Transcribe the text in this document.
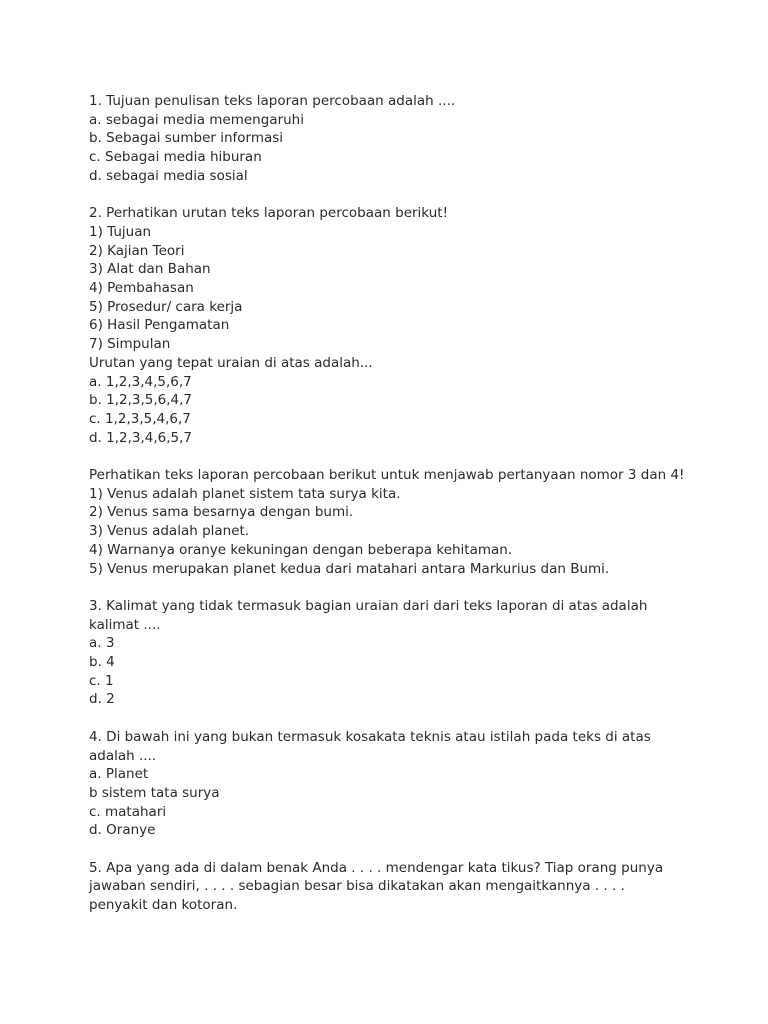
1. Tujuan penulisan teks laporan percobaan adalah ....
a. sebagai media memengaruhi
b. Sebagai sumber informasi
c. Sebagai media hiburan
d. sebagai media sosial
2. Perhatikan urutan teks laporan percobaan berikut!
1) Tujuan
2) Kajian Teori
3) Alat dan Bahan
4) Pembahasan
5) Prosedur/ cara kerja
6) Hasil Pengamatan
7) Simpulan
Urutan yang tepat uraian di atas adalah...
a. 1,2,3,4,5,6,7
b. 1,2,3,5,6,4,7
c. 1,2,3,5,4,6,7
d. 1,2,3,4,6,5,7
Perhatikan teks laporan percobaan berikut untuk menjawab pertanyaan nomor 3 dan 4!
1) Venus adalah planet sistem tata surya kita.
2) Venus sama besarnya dengan bumi.
3) Venus adalah planet.
4) Warnanya oranye kekuningan dengan beberapa kehitaman.
5) Venus merupakan planet kedua dari matahari antara Markurius dan Bumi.
3. Kalimat yang tidak termasuk bagian uraian dari dari teks laporan di atas adalah
kalimat ....
a. 3
b. 4
c. 1
d. 2
4. Di bawah ini yang bukan termasuk kosakata teknis atau istilah pada teks di atas
adalah ....
a. Planet
b sistem tata surya
c. matahari
d. Oranye
5. Apa yang ada di dalam benak Anda . . . . mendengar kata tikus? Tiap orang punya
jawaban sendiri, . . . . sebagian besar bisa dikatakan akan mengaitkannya . . . .
penyakit dan kotoran.
